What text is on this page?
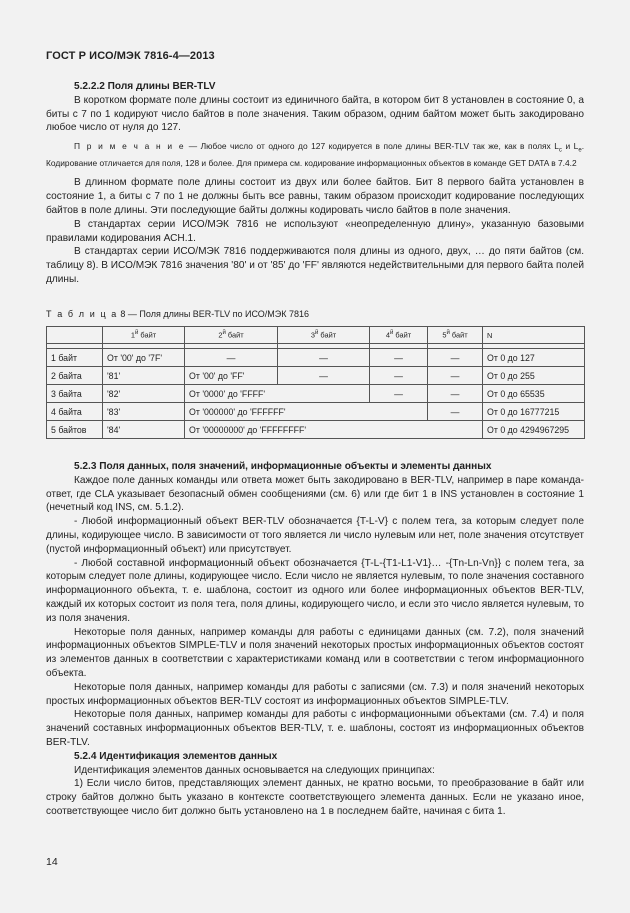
ГОСТ Р ИСО/МЭК 7816-4—2013

5.2.2.2 Поля длины BER-TLV

В коротком формате поле длины состоит из единичного байта, в котором бит 8 установлен в состояние 0, а биты с 7 по 1 кодируют число байтов в поле значения. Таким образом, одним байтом может быть закодировано любое число от нуля до 127.

П р и м е ч а н и е — Любое число от одного до 127 кодируется в поле длины BER-TLV так же, как в полях $L_c$ и $L_e$. Кодирование отличается для поля, 128 и более. Для примера см. кодирование информационных объектов в команде GET DATA в 7.4.2

В длинном формате поле длины состоит из двух или более байтов. Бит 8 первого байта установлен в состояние 1, а биты с 7 по 1 не должны быть все равны, таким образом происходит кодирование последующих байтов в поле длины. Эти последующие байты должны кодировать число байтов в поле значения.

В стандартах серии ИСО/МЭК 7816 не используют «неопределенную длину», указанную базовыми правилами кодирования АСН.1.

В стандартах серии ИСО/МЭК 7816 поддерживаются поля длины из одного, двух, … до пяти байтов (см. таблицу 8). В ИСО/МЭК 7816 значения '80' и от '85' до 'FF' являются недействительными для первого байта полей длины.

Т а б л и ц а 8 — Поля длины BER-TLV по ИСО/МЭК 7816
	$1^й$ байт	$2^й$ байт	$3^й$ байт	$4^й$ байт	$5^й$ байт	N

1 байт	От '00' до '7F'	—	—	—	—	От 0 до 127
2 байта	'81'	От '00' до 'FF'	—	—	—	От 0 до 255
3 байта	'82'	От '0000' до 'FFFF'		—	—	От 0 до 65535
4 байта	'83'	От '000000' до 'FFFFFF'			—	От 0 до 16777215
5 байтов	'84'	От '00000000' до 'FFFFFFFF'				От 0 до 4294967295

5.2.3 Поля данных, поля значений, информационные объекты и элементы данных

Каждое поле данных команды или ответа может быть закодировано в BER-TLV, например в паре команда-ответ, где CLA указывает безопасный обмен сообщениями (см. 6) или где бит 1 в INS установлен в состояние 1 (нечетный код INS, см. 5.1.2).

- Любой информационный объект BER-TLV обозначается {T-L-V} с полем тега, за которым следует поле длины, кодирующее число. В зависимости от того является ли число нулевым или нет, поле значения отсутствует (пустой информационный объект) или присутствует.

- Любой составной информационный объект обозначается {T-L-{T1-L1-V1}… -{Tn-Ln-Vn}} с полем тега, за которым следует поле длины, кодирующее число. Если число не является нулевым, то поле значения составного информационного объекта, т. е. шаблона, состоит из одного или более информационных объектов BER-TLV, каждый их которых состоит из поля тега, поля длины, кодирующего число, и если это число является нулевым, то из поля значения.

Некоторые поля данных, например команды для работы с единицами данных (см. 7.2), поля значений информационных объектов SIMPLE-TLV и поля значений некоторых простых информационных объектов состоят из элементов данных в соответствии с характеристиками команд или в соответствии с тегом информационного объекта.

Некоторые поля данных, например команды для работы с записями (см. 7.3) и поля значений некоторых простых информационных объектов BER-TLV состоят из информационных объектов SIMPLE-TLV.

Некоторые поля данных, например команды для работы с информационными объектами (см. 7.4) и поля значений составных информационных объектов BER-TLV, т. е. шаблоны, состоят из информационных объектов BER-TLV.

5.2.4 Идентификация элементов данных

Идентификация элементов данных основывается на следующих принципах:

1) Если число битов, представляющих элемент данных, не кратно восьми, то преобразование в байт или строку байтов должно быть указано в контексте соответствующего элемента данных. Если не указано иное, соответствующее число бит должно быть установлено на 1 в последнем байте, начиная с бита 1.

14
